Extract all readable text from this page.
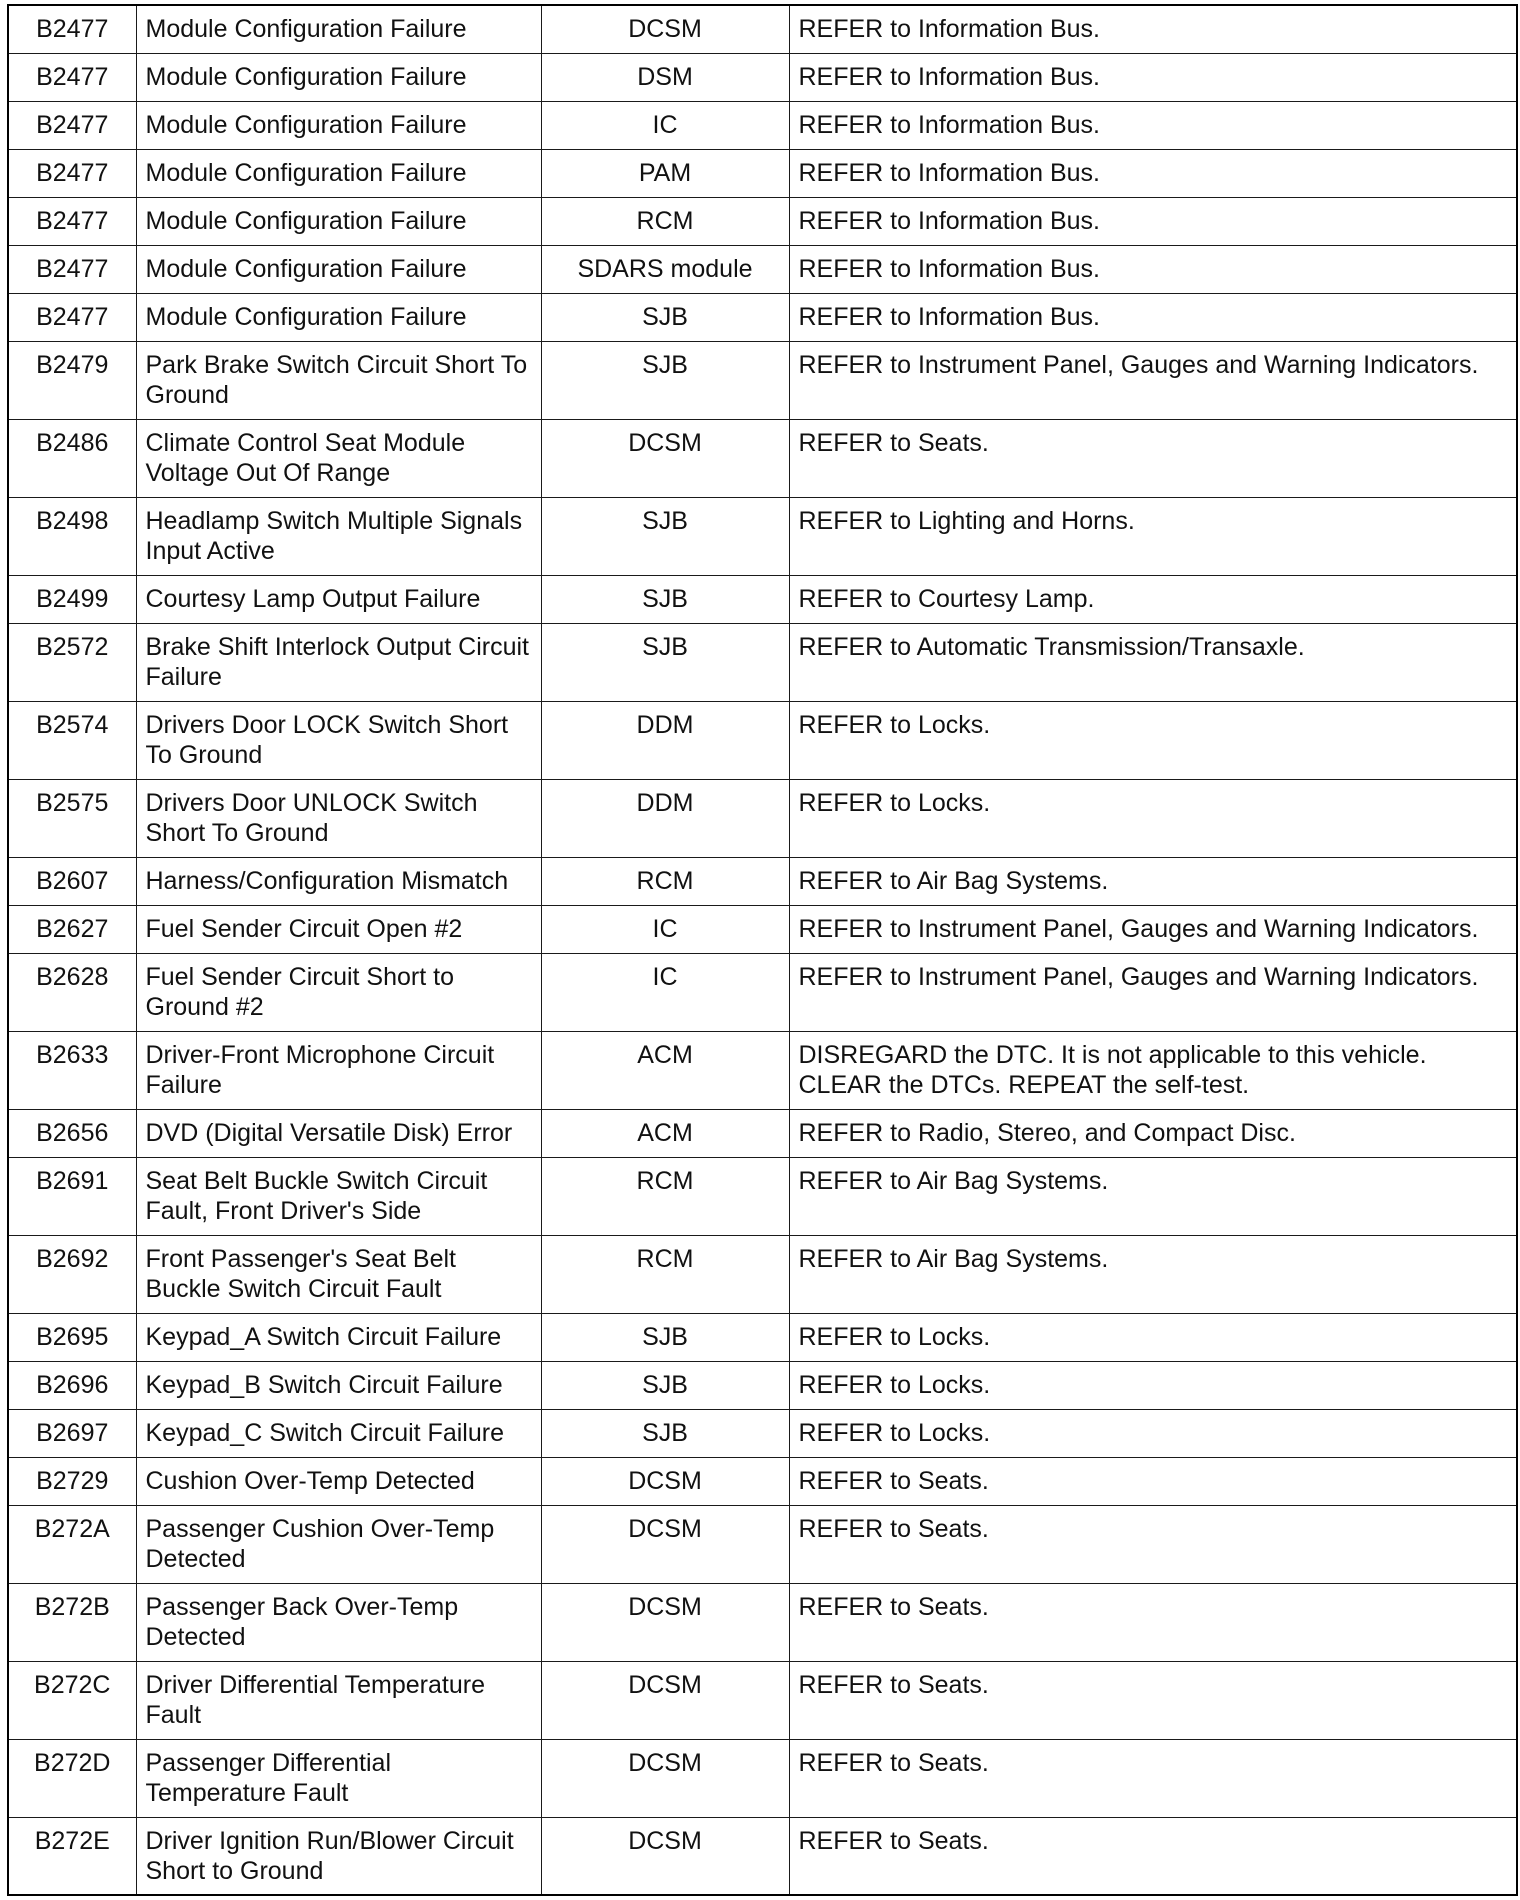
B2477	Module Configuration Failure	DCSM	REFER to Information Bus.
B2477	Module Configuration Failure	DSM	REFER to Information Bus.
B2477	Module Configuration Failure	IC	REFER to Information Bus.
B2477	Module Configuration Failure	PAM	REFER to Information Bus.
B2477	Module Configuration Failure	RCM	REFER to Information Bus.
B2477	Module Configuration Failure	SDARS module	REFER to Information Bus.
B2477	Module Configuration Failure	SJB	REFER to Information Bus.
B2479	Park Brake Switch Circuit Short To Ground	SJB	REFER to Instrument Panel, Gauges and Warning Indicators.
B2486	Climate Control Seat Module Voltage Out Of Range	DCSM	REFER to Seats.
B2498	Headlamp Switch Multiple Signals Input Active	SJB	REFER to Lighting and Horns.
B2499	Courtesy Lamp Output Failure	SJB	REFER to Courtesy Lamp.
B2572	Brake Shift Interlock Output Circuit Failure	SJB	REFER to Automatic Transmission/Transaxle.
B2574	Drivers Door LOCK Switch Short To Ground	DDM	REFER to Locks.
B2575	Drivers Door UNLOCK Switch Short To Ground	DDM	REFER to Locks.
B2607	Harness/Configuration Mismatch	RCM	REFER to Air Bag Systems.
B2627	Fuel Sender Circuit Open #2	IC	REFER to Instrument Panel, Gauges and Warning Indicators.
B2628	Fuel Sender Circuit Short to Ground #2	IC	REFER to Instrument Panel, Gauges and Warning Indicators.
B2633	Driver-Front Microphone Circuit Failure	ACM	DISREGARD the DTC. It is not applicable to this vehicle.
CLEAR the DTCs. REPEAT the self-test.
B2656	DVD (Digital Versatile Disk) Error	ACM	REFER to Radio, Stereo, and Compact Disc.
B2691	Seat Belt Buckle Switch Circuit Fault, Front Driver's Side	RCM	REFER to Air Bag Systems.
B2692	Front Passenger's Seat Belt Buckle Switch Circuit Fault	RCM	REFER to Air Bag Systems.
B2695	Keypad_A Switch Circuit Failure	SJB	REFER to Locks.
B2696	Keypad_B Switch Circuit Failure	SJB	REFER to Locks.
B2697	Keypad_C Switch Circuit Failure	SJB	REFER to Locks.
B2729	Cushion Over-Temp Detected	DCSM	REFER to Seats.
B272A	Passenger Cushion Over-Temp Detected	DCSM	REFER to Seats.
B272B	Passenger Back Over-Temp Detected	DCSM	REFER to Seats.
B272C	Driver Differential Temperature Fault	DCSM	REFER to Seats.
B272D	Passenger Differential Temperature Fault	DCSM	REFER to Seats.
B272E	Driver Ignition Run/Blower Circuit Short to Ground	DCSM	REFER to Seats.
